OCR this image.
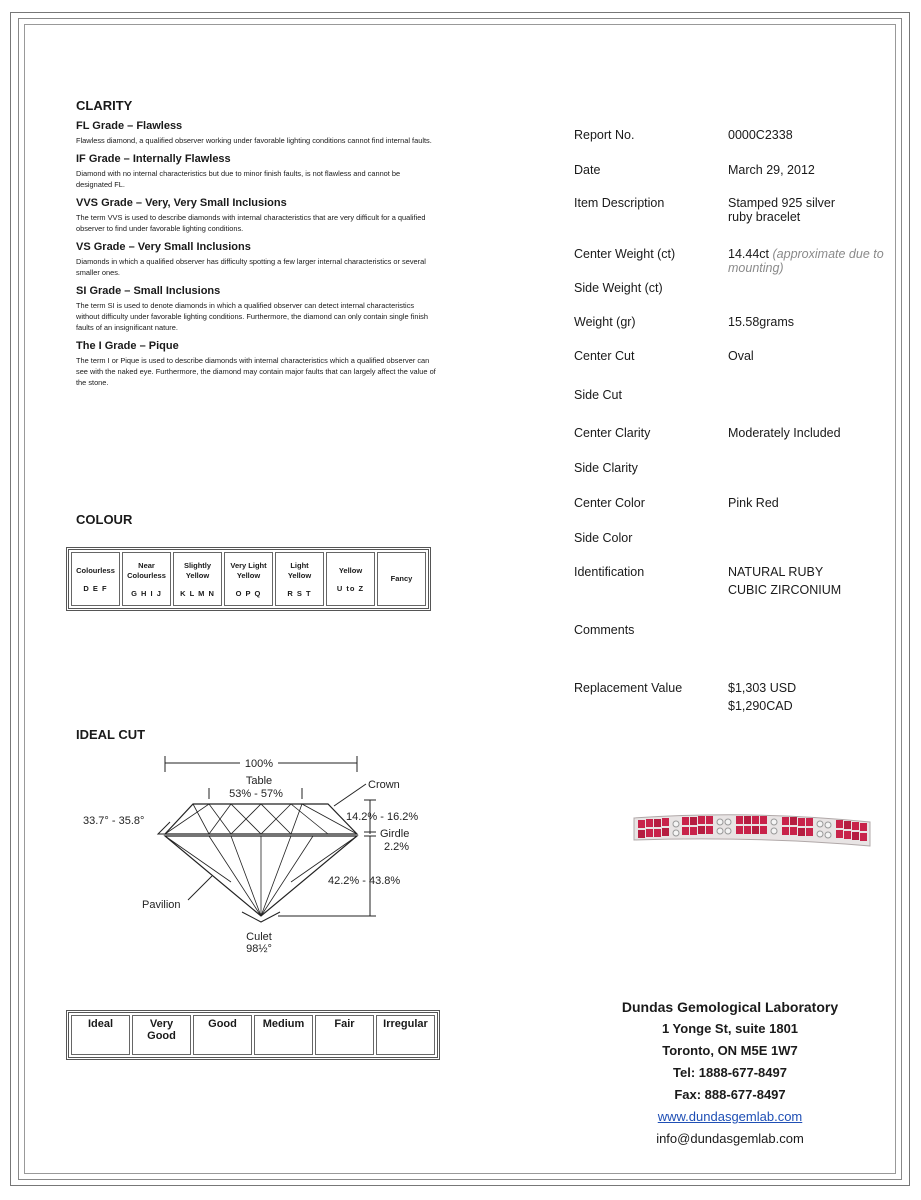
CLARITY
FL Grade – Flawless

Flawless diamond, a qualified observer working under favorable lighting conditions cannot find internal faults.

IF Grade – Internally Flawless

Diamond with no internal characteristics but due to minor finish faults, is not flawless and cannot be designated FL.

VVS Grade – Very, Very Small Inclusions

The term VVS is used to describe diamonds with internal characteristics that are very difficult for a qualified observer to find under favorable lighting conditions.

VS Grade – Very Small Inclusions

Diamonds in which a qualified observer has difficulty spotting a few larger internal characteristics or several smaller ones.

SI Grade – Small Inclusions

The term SI is used to denote diamonds in which a qualified observer can detect internal characteristics without difficulty under favorable lighting conditions. Furthermore, the diamond can only contain single finish faults of an insignificant nature.

The I Grade – Pique

The term I or Pique is used to describe diamonds with internal characteristics which a qualified observer can see with the naked eye. Furthermore, the diamond may contain major faults that can largely affect the value of the stone.

COLOUR
Colourless
D E F

Near Colourless
G H I J

Slightly Yellow
K L M N

Very Light Yellow
O P Q

Light Yellow
R S T

Yellow
U to Z

Fancy
IDEAL CUT
100%
Table
53% - 57%
Crown
33.7° - 35.8°	14.2% - 16.2%
Girdle
2.2%
42.2% - 43.8%
Pavilion
Culet
98½°
Ideal	Very Good	Good	Medium	Fair	Irregular
Report No.	0000C2338
Date	March 29, 2012
Item Description	Stamped 925 silver ruby bracelet
Center Weight (ct)	14.44ct (approximate due to mounting)
Side Weight (ct)
Weight (gr)	15.58grams
Center Cut	Oval
Side Cut
Center Clarity	Moderately Included
Side Clarity
Center Color	Pink Red
Side Color
Identification	NATURAL RUBY
CUBIC ZIRCONIUM
Comments
Replacement Value	$1,303 USD
$1,290CAD
Dundas Gemological Laboratory
1 Yonge St, suite 1801
Toronto, ON M5E 1W7
Tel: 1888-677-8497
Fax: 888-677-8497
www.dundasgemlab.com
info@dundasgemlab.com
